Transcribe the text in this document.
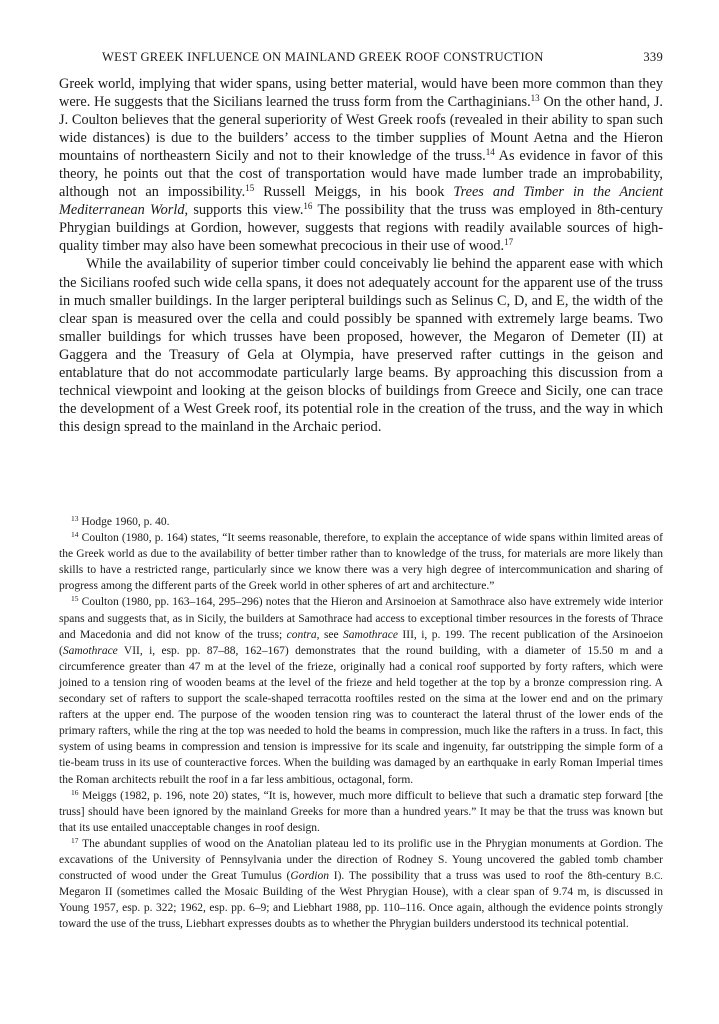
WEST GREEK INFLUENCE ON MAINLAND GREEK ROOF CONSTRUCTION	339

Greek world, implying that wider spans, using better material, would have been more common than they were. He suggests that the Sicilians learned the truss form from the Carthaginians.$^{13}$ On the other hand, J. J. Coulton believes that the general superiority of West Greek roofs (revealed in their ability to span such wide distances) is due to the builders’ access to the timber supplies of Mount Aetna and the Hieron mountains of northeastern Sicily and not to their knowledge of the truss.$^{14}$ As evidence in favor of this theory, he points out that the cost of transportation would have made lumber trade an improbability, although not an impossibility.$^{15}$ Russell Meiggs, in his book Trees and Timber in the Ancient Mediterranean World, supports this view.$^{16}$ The possibility that the truss was employed in 8th-century Phrygian buildings at Gordion, however, suggests that regions with readily available sources of high-quality timber may also have been somewhat precocious in their use of wood.$^{17}$

While the availability of superior timber could conceivably lie behind the apparent ease with which the Sicilians roofed such wide cella spans, it does not adequately account for the apparent use of the truss in much smaller buildings. In the larger peripteral buildings such as Selinus C, D, and E, the width of the clear span is measured over the cella and could possibly be spanned with extremely large beams. Two smaller buildings for which trusses have been proposed, however, the Megaron of Demeter (II) at Gaggera and the Treasury of Gela at Olympia, have preserved rafter cuttings in the geison and entablature that do not accommodate particularly large beams. By approaching this discussion from a technical viewpoint and looking at the geison blocks of buildings from Greece and Sicily, one can trace the development of a West Greek roof, its potential role in the creation of the truss, and the way in which this design spread to the mainland in the Archaic period.

$^{13}$ Hodge 1960, p. 40.

$^{14}$ Coulton (1980, p. 164) states, “It seems reasonable, therefore, to explain the acceptance of wide spans within limited areas of the Greek world as due to the availability of better timber rather than to knowledge of the truss, for materials are more likely than skills to have a restricted range, particularly since we know there was a very high degree of intercommunication and sharing of progress among the different parts of the Greek world in other spheres of art and architecture.”

$^{15}$ Coulton (1980, pp. 163–164, 295–296) notes that the Hieron and Arsinoeion at Samothrace also have extremely wide interior spans and suggests that, as in Sicily, the builders at Samothrace had access to exceptional timber resources in the forests of Thrace and Macedonia and did not know of the truss; contra, see Samothrace III, i, p. 199. The recent publication of the Arsinoeion (Samothrace VII, i, esp. pp. 87–88, 162–167) demonstrates that the round building, with a diameter of 15.50 m and a circumference greater than 47 m at the level of the frieze, originally had a conical roof supported by forty rafters, which were joined to a tension ring of wooden beams at the level of the frieze and held together at the top by a bronze compression ring. A secondary set of rafters to support the scale-shaped terracotta rooftiles rested on the sima at the lower end and on the primary rafters at the upper end. The purpose of the wooden tension ring was to counteract the lateral thrust of the lower ends of the primary rafters, while the ring at the top was needed to hold the beams in compression, much like the rafters in a truss. In fact, this system of using beams in compression and tension is impressive for its scale and ingenuity, far outstripping the simple form of a tie-beam truss in its use of counteractive forces. When the building was damaged by an earthquake in early Roman Imperial times the Roman architects rebuilt the roof in a far less ambitious, octagonal, form.

$^{16}$ Meiggs (1982, p. 196, note 20) states, “It is, however, much more difficult to believe that such a dramatic step forward [the truss] should have been ignored by the mainland Greeks for more than a hundred years.” It may be that the truss was known but that its use entailed unacceptable changes in roof design.

$^{17}$ The abundant supplies of wood on the Anatolian plateau led to its prolific use in the Phrygian monuments at Gordion. The excavations of the University of Pennsylvania under the direction of Rodney S. Young uncovered the gabled tomb chamber constructed of wood under the Great Tumulus (Gordion I). The possibility that a truss was used to roof the 8th-century B.C. Megaron II (sometimes called the Mosaic Building of the West Phrygian House), with a clear span of 9.74 m, is discussed in Young 1957, esp. p. 322; 1962, esp. pp. 6–9; and Liebhart 1988, pp. 110–116. Once again, although the evidence points strongly toward the use of the truss, Liebhart expresses doubts as to whether the Phrygian builders understood its technical potential.
